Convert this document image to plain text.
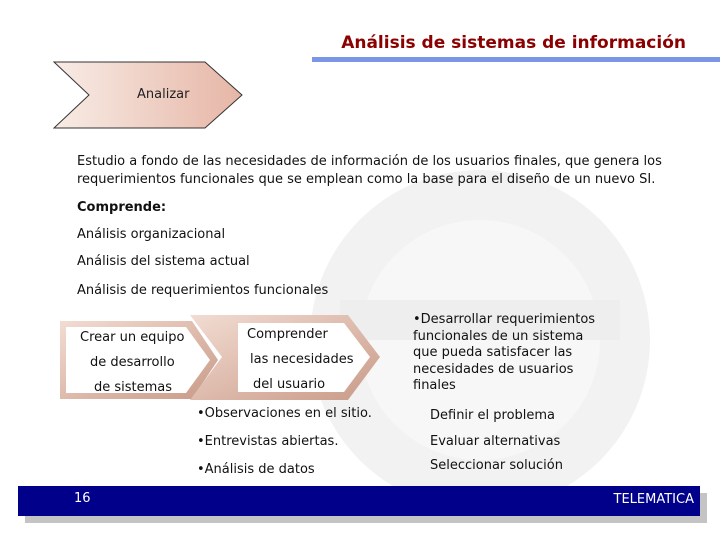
Análisis de sistemas de información
Analizar
Estudio a fondo de las necesidades de información de los usuarios finales, que genera los
requerimientos funcionales que se emplean como la base para el diseño de un nuevo SI.
Comprende:
Análisis organizacional
Análisis del sistema actual
Análisis de requerimientos funcionales
Crear un equipo
de desarrollo
de sistemas
Comprender
las necesidades
del usuario
•Desarrollar requerimientos funcionales de un sistema que pueda satisfacer las necesidades de usuarios finales
•Observaciones en el sitio.
•Entrevistas abiertas.
•Análisis de datos
Definir el problema
Evaluar alternativas
Seleccionar solución
16	TELEMATICA
